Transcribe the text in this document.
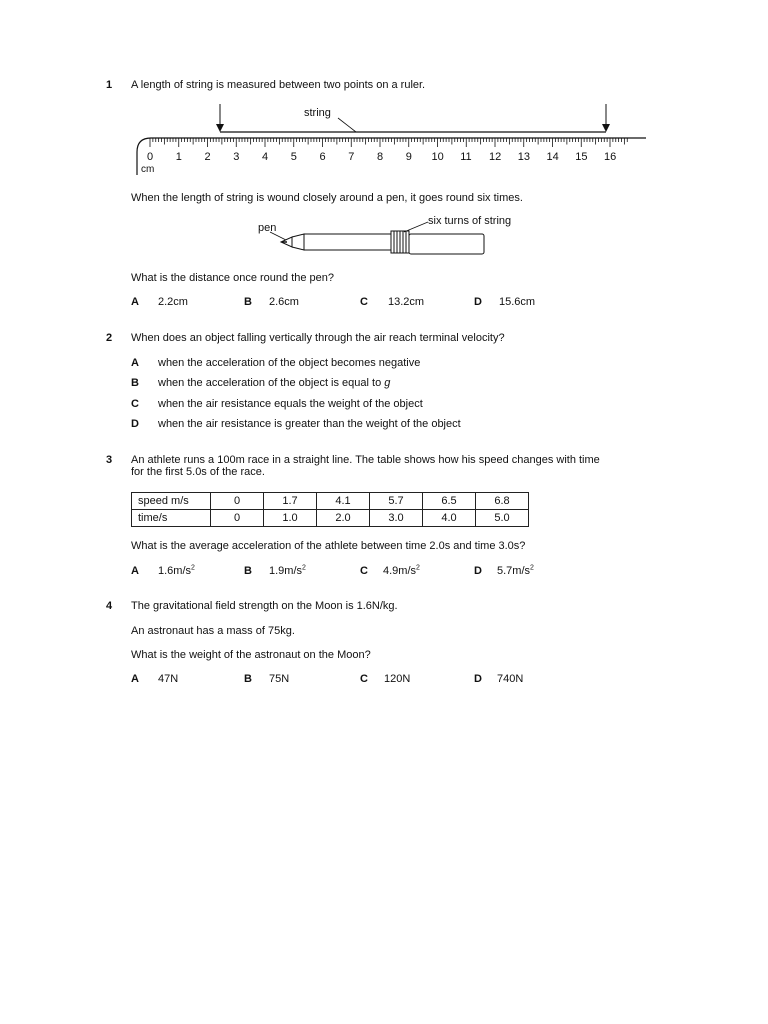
1 A length of string is measured between two points on a ruler.
string
0 1 2 3 4 5 6 7 8 9 10 11 12 13 14 15 16
cm
When the length of string is wound closely around a pen, it goes round six times.
pen
six turns of string
What is the distance once round the pen?
A 2.2cm	B 2.6cm	C 13.2cm	D 15.6cm
2 When does an object falling vertically through the air reach terminal velocity?
A when the acceleration of the object becomes negative
B when the acceleration of the object is equal to g
C when the air resistance equals the weight of the object
D when the air resistance is greater than the weight of the object
3 An athlete runs a 100m race in a straight line. The table shows how his speed changes with time
for the first 5.0s of the race.
speed m/s	0	1.7	4.1	5.7	6.5	6.8
time/s	0	1.0	2.0	3.0	4.0	5.0
What is the average acceleration of the athlete between time 2.0s and time 3.0s?
A $1.6m/s^2$	B $1.9m/s^2$	C $4.9m/s^2$	D $5.7m/s^2$
4 The gravitational field strength on the Moon is 1.6N/kg.
An astronaut has a mass of 75kg.
What is the weight of the astronaut on the Moon?
A 47N	B 75N	C 120N	D 740N
